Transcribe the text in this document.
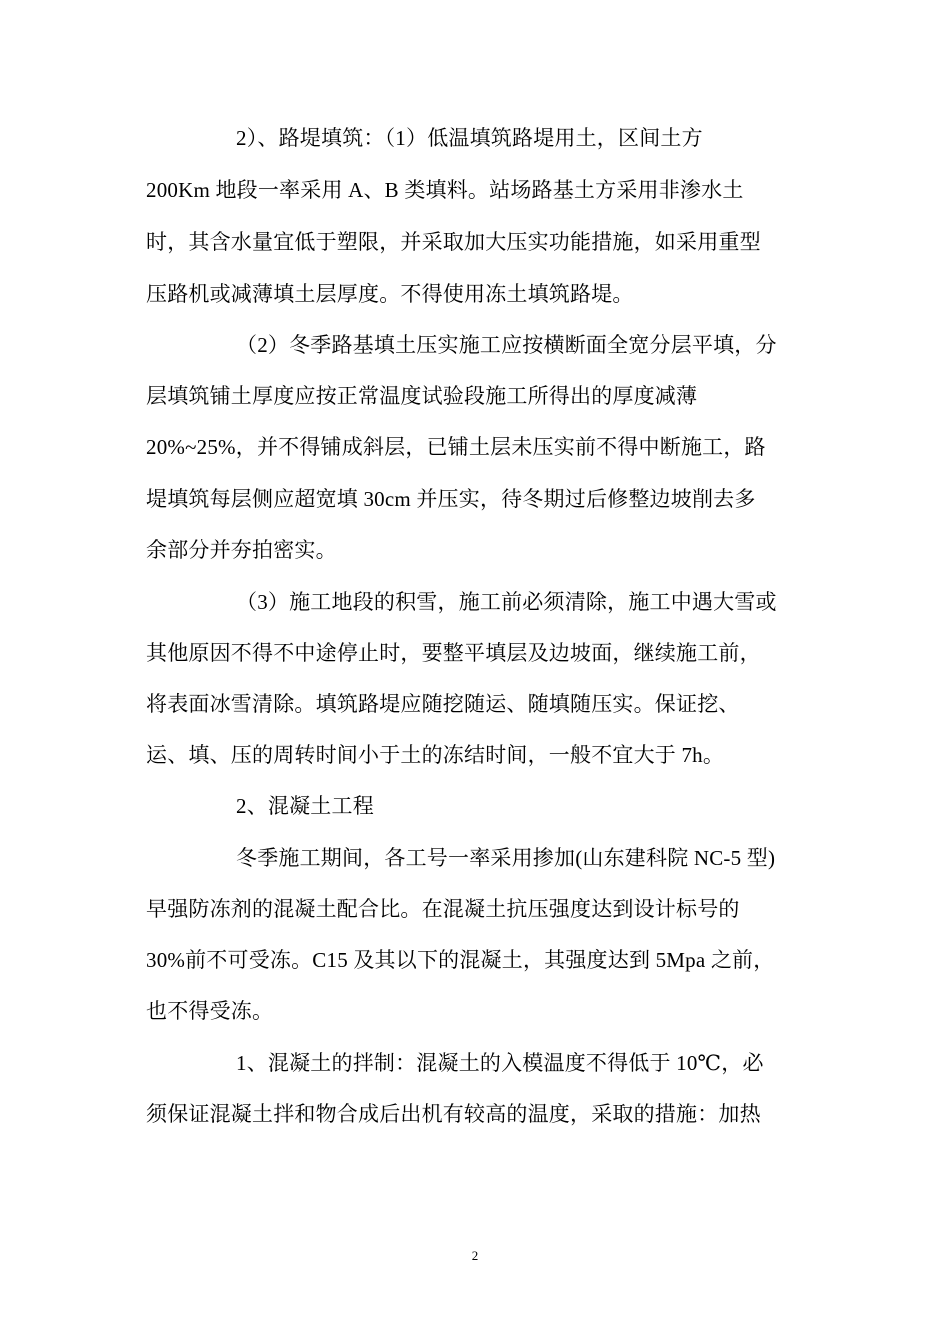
2）、路堤填筑：（1）低温填筑路堤用土，区间土方
200Km 地段一率采用 A、B 类填料。站场路基土方采用非渗水土
时，其含水量宜低于塑限，并采取加大压实功能措施，如采用重型
压路机或减薄填土层厚度。不得使用冻土填筑路堤。
（2）冬季路基填土压实施工应按横断面全宽分层平填，分
层填筑铺土厚度应按正常温度试验段施工所得出的厚度减薄
20%~25%，并不得铺成斜层，已铺土层未压实前不得中断施工，路
堤填筑每层侧应超宽填 30cm 并压实，待冬期过后修整边坡削去多
余部分并夯拍密实。
（3）施工地段的积雪，施工前必须清除，施工中遇大雪或
其他原因不得不中途停止时，要整平填层及边坡面，继续施工前，
将表面冰雪清除。填筑路堤应随挖随运、随填随压实。保证挖、
运、填、压的周转时间小于土的冻结时间，一般不宜大于 7h。
2、混凝土工程
冬季施工期间，各工号一率采用掺加(山东建科院 NC-5 型)
早强防冻剂的混凝土配合比。在混凝土抗压强度达到设计标号的
30%前不可受冻。C15 及其以下的混凝土，其强度达到 5Mpa 之前，
也不得受冻。
1、混凝土的拌制：混凝土的入模温度不得低于 10℃，必
须保证混凝土拌和物合成后出机有较高的温度，采取的措施：加热
2
